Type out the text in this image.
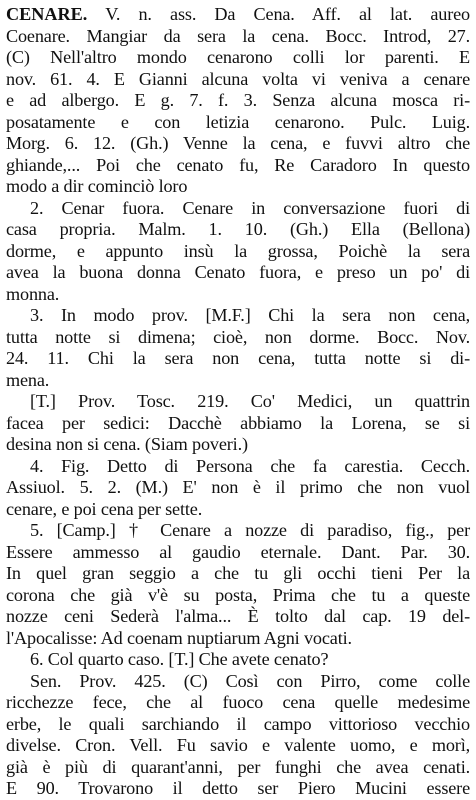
CENARE. V. n. ass. Da Cena. Aff. al lat. aureo
Coenare. Mangiar da sera la cena. Bocc. Introd, 27.
(C) Nell'altro mondo cenarono colli lor parenti. E
nov. 61. 4. E Gianni alcuna volta vi veniva a cenare
e ad albergo. E g. 7. f. 3. Senza alcuna mosca ri-
posatamente e con letizia cenarono. Pulc. Luig.
Morg. 6. 12. (Gh.) Venne la cena, e fuvvi altro che
ghiande,... Poi che cenato fu, Re Caradoro In questo
modo a dir cominciò loro
2. Cenar fuora. Cenare in conversazione fuori di
casa propria. Malm. 1. 10. (Gh.) Ella (Bellona)
dorme, e appunto insù la grossa, Poichè la sera
avea la buona donna Cenato fuora, e preso un po' di
monna.
3. In modo prov. [M.F.] Chi la sera non cena,
tutta notte si dimena; cioè, non dorme. Bocc. Nov.
24. 11. Chi la sera non cena, tutta notte si di-
mena.
[T.] Prov. Tosc. 219. Co' Medici, un quattrin
facea per sedici: Dacchè abbiamo la Lorena, se si
desina non si cena. (Siam poveri.)
4. Fig. Detto di Persona che fa carestia. Cecch.
Assiuol. 5. 2. (M.) E' non è il primo che non vuol
cenare, e poi cena per sette.
5. [Camp.] † Cenare a nozze di paradiso, fig., per
Essere ammesso al gaudio eternale. Dant. Par. 30.
In quel gran seggio a che tu gli occhi tieni Per la
corona che già v'è su posta, Prima che tu a queste
nozze ceni Sederà l'alma... È tolto dal cap. 19 del-
l'Apocalisse: Ad coenam nuptiarum Agni vocati.
6. Col quarto caso. [T.] Che avete cenato?
Sen. Prov. 425. (C) Così con Pirro, come colle
ricchezze fece, che al fuoco cena quelle medesime
erbe, le quali sarchiando il campo vittorioso vecchio
divelse. Cron. Vell. Fu savio e valente uomo, e morì,
già è più di quarant'anni, per funghi che avea cenati.
E 90. Trovarono il detto ser Piero Mucini essere
